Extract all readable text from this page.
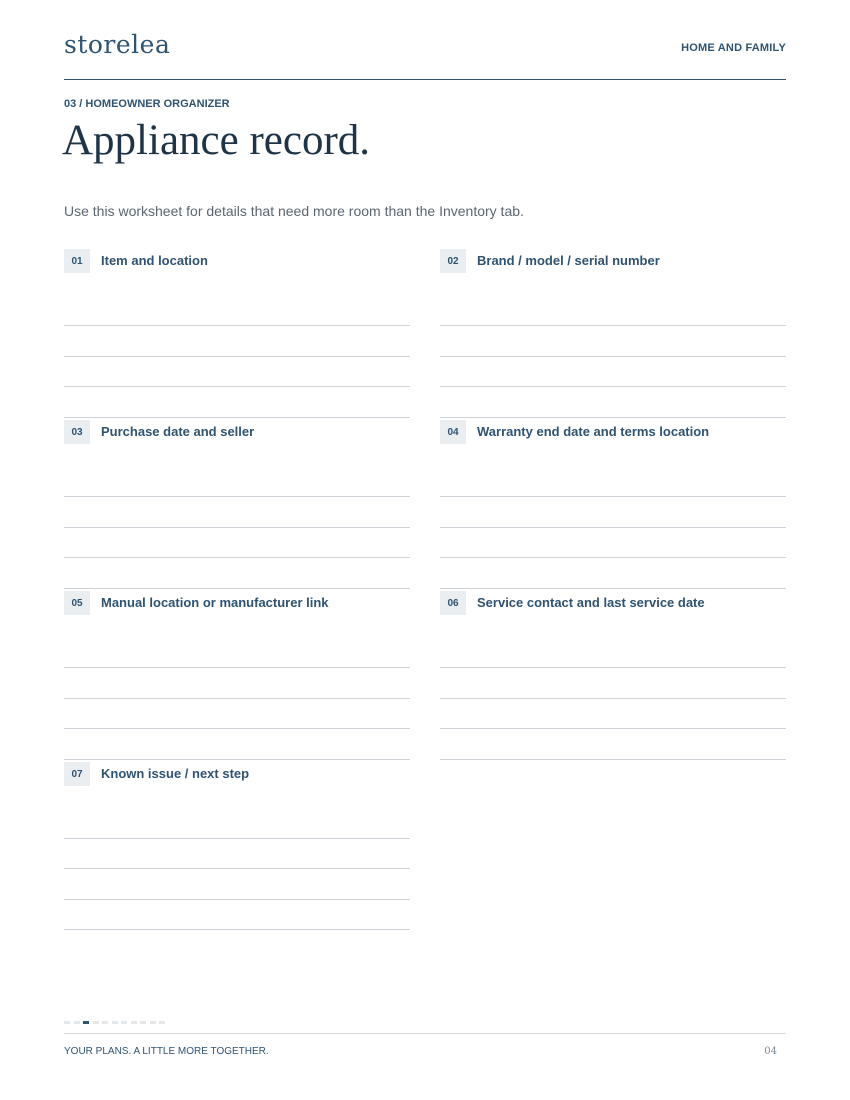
storelea	HOME AND FAMILY
03 / HOMEOWNER ORGANIZER
Appliance record.
Use this worksheet for details that need more room than the Inventory tab.
01	Item and location	02	Brand / model / serial number
03	Purchase date and seller	04	Warranty end date and terms location
05	Manual location or manufacturer link	06	Service contact and last service date
07	Known issue / next step
YOUR PLANS. A LITTLE MORE TOGETHER.	04
